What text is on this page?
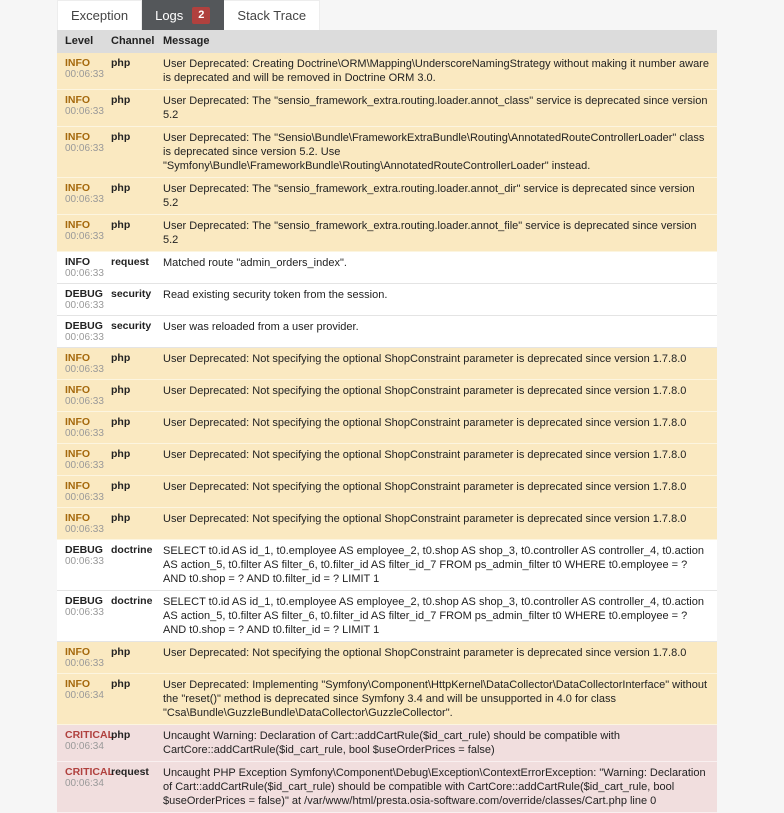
Exception Logs	2	Stack Trace
Level	Channel	Message

INFO
00:06:33	php	User Deprecated: Creating Doctrine\ORM\Mapping\UnderscoreNamingStrategy without making it number aware is deprecated and will be removed in Doctrine ORM 3.0.

INFO
00:06:33	php	User Deprecated: The "sensio_framework_extra.routing.loader.annot_class" service is deprecated since version 5.2

INFO
00:06:33	php	User Deprecated: The "Sensio\Bundle\FrameworkExtraBundle\Routing\AnnotatedRouteControllerLoader" class is deprecated since version 5.2. Use "Symfony\Bundle\FrameworkBundle\Routing\AnnotatedRouteControllerLoader" instead.

INFO
00:06:33	php	User Deprecated: The "sensio_framework_extra.routing.loader.annot_dir" service is deprecated since version 5.2

INFO
00:06:33	php	User Deprecated: The "sensio_framework_extra.routing.loader.annot_file" service is deprecated since version 5.2

INFO
00:06:33	request	Matched route "admin_orders_index".

DEBUG
00:06:33	security	Read existing security token from the session.

DEBUG
00:06:33	security	User was reloaded from a user provider.

INFO
00:06:33	php	User Deprecated: Not specifying the optional ShopConstraint parameter is deprecated since version 1.7.8.0

INFO
00:06:33	php	User Deprecated: Not specifying the optional ShopConstraint parameter is deprecated since version 1.7.8.0

INFO
00:06:33	php	User Deprecated: Not specifying the optional ShopConstraint parameter is deprecated since version 1.7.8.0

INFO
00:06:33	php	User Deprecated: Not specifying the optional ShopConstraint parameter is deprecated since version 1.7.8.0

INFO
00:06:33	php	User Deprecated: Not specifying the optional ShopConstraint parameter is deprecated since version 1.7.8.0

INFO
00:06:33	php	User Deprecated: Not specifying the optional ShopConstraint parameter is deprecated since version 1.7.8.0

DEBUG
00:06:33	doctrine	SELECT t0.id AS id_1, t0.employee AS employee_2, t0.shop AS shop_3, t0.controller AS controller_4, t0.action AS action_5, t0.filter AS filter_6, t0.filter_id AS filter_id_7 FROM ps_admin_filter t0 WHERE t0.employee = ? AND t0.shop = ? AND t0.filter_id = ? LIMIT 1

DEBUG
00:06:33	doctrine	SELECT t0.id AS id_1, t0.employee AS employee_2, t0.shop AS shop_3, t0.controller AS controller_4, t0.action AS action_5, t0.filter AS filter_6, t0.filter_id AS filter_id_7 FROM ps_admin_filter t0 WHERE t0.employee = ? AND t0.shop = ? AND t0.filter_id = ? LIMIT 1

INFO
00:06:33	php	User Deprecated: Not specifying the optional ShopConstraint parameter is deprecated since version 1.7.8.0

INFO
00:06:34	php	User Deprecated: Implementing "Symfony\Component\HttpKernel\DataCollector\DataCollectorInterface" without the "reset()" method is deprecated since Symfony 3.4 and will be unsupported in 4.0 for class "Csa\Bundle\GuzzleBundle\DataCollector\GuzzleCollector".

CRITICAL
00:06:34	php	Uncaught Warning: Declaration of Cart::addCartRule($id_cart_rule) should be compatible with CartCore::addCartRule($id_cart_rule, bool $useOrderPrices = false)

CRITICAL
00:06:34	request	Uncaught PHP Exception Symfony\Component\Debug\Exception\ContextErrorException: "Warning: Declaration of Cart::addCartRule($id_cart_rule) should be compatible with CartCore::addCartRule($id_cart_rule, bool $useOrderPrices = false)" at /var/www/html/presta.osia-software.com/override/classes/Cart.php line 0
